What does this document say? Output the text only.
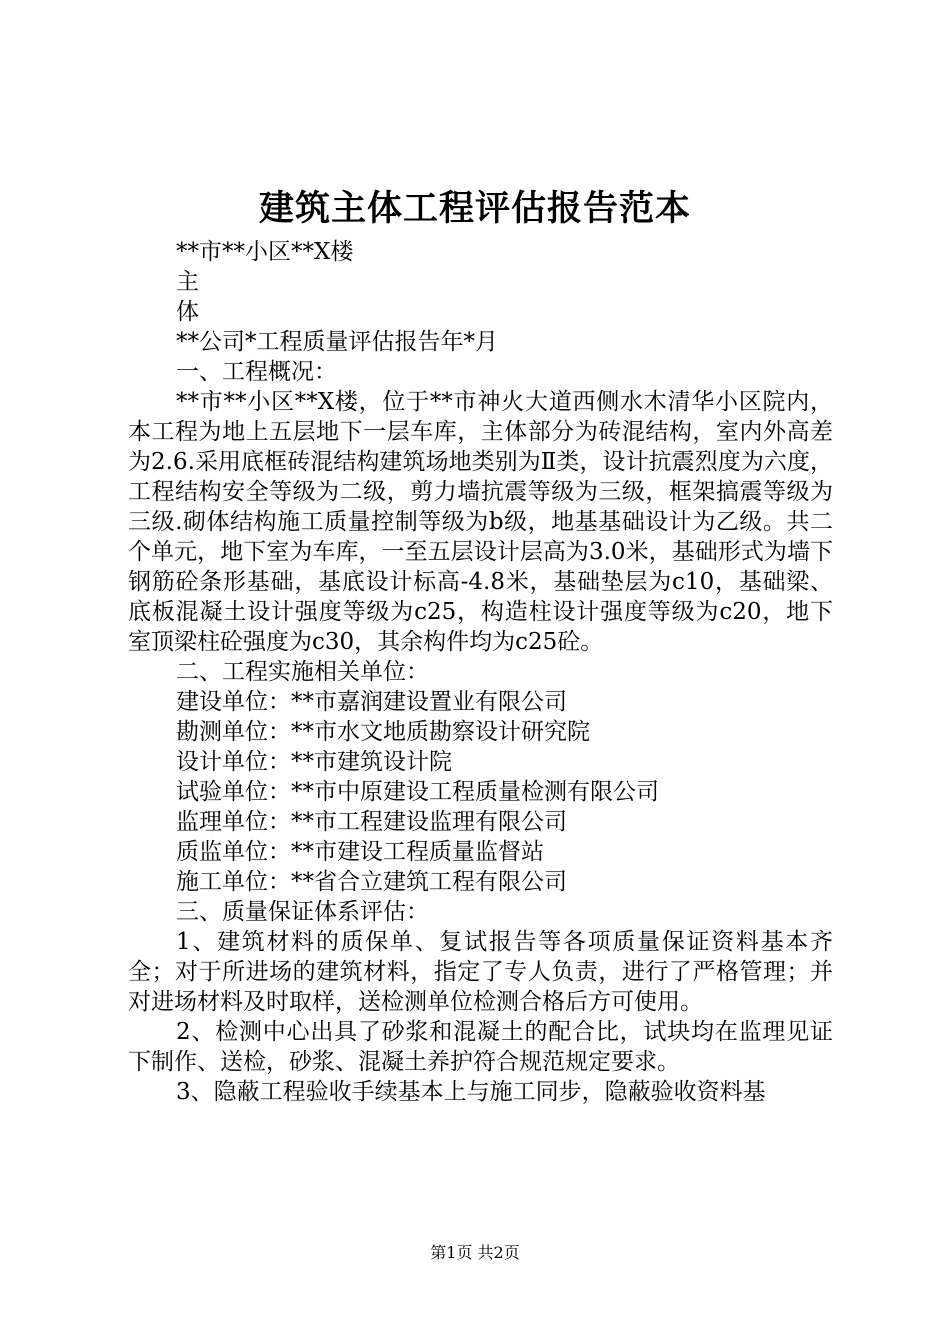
建筑主体工程评估报告范本

**市**小区**X楼

主

体

**公司*工程质量评估报告年*月

一、工程概况：

**市**小区**X楼，位于**市神火大道西侧水木清华小区院内，本工程为地上五层地下一层车库，主体部分为砖混结构，室内外高差为2.6.采用底框砖混结构建筑场地类别为Ⅱ类，设计抗震烈度为六度，工程结构安全等级为二级，剪力墙抗震等级为三级，框架搞震等级为三级.砌体结构施工质量控制等级为b级，地基基础设计为乙级。共二个单元，地下室为车库，一至五层设计层高为3.0米，基础形式为墙下钢筋砼条形基础，基底设计标高-4.8米，基础垫层为c10，基础梁、底板混凝土设计强度等级为c25，构造柱设计强度等级为c20，地下室顶梁柱砼强度为c30，其余构件均为c25砼。

二、工程实施相关单位：

建设单位：**市嘉润建设置业有限公司

勘测单位：**市水文地质勘察设计研究院

设计单位：**市建筑设计院

试验单位：**市中原建设工程质量检测有限公司

监理单位：**市工程建设监理有限公司

质监单位：**市建设工程质量监督站

施工单位：**省合立建筑工程有限公司

三、质量保证体系评估：

1、建筑材料的质保单、复试报告等各项质量保证资料基本齐全；对于所进场的建筑材料，指定了专人负责，进行了严格管理；并对进场材料及时取样，送检测单位检测合格后方可使用。

2、检测中心出具了砂浆和混凝土的配合比，试块均在监理见证下制作、送检，砂浆、混凝土养护符合规范规定要求。

3、隐蔽工程验收手续基本上与施工同步，隐蔽验收资料基

第1页 共2页
